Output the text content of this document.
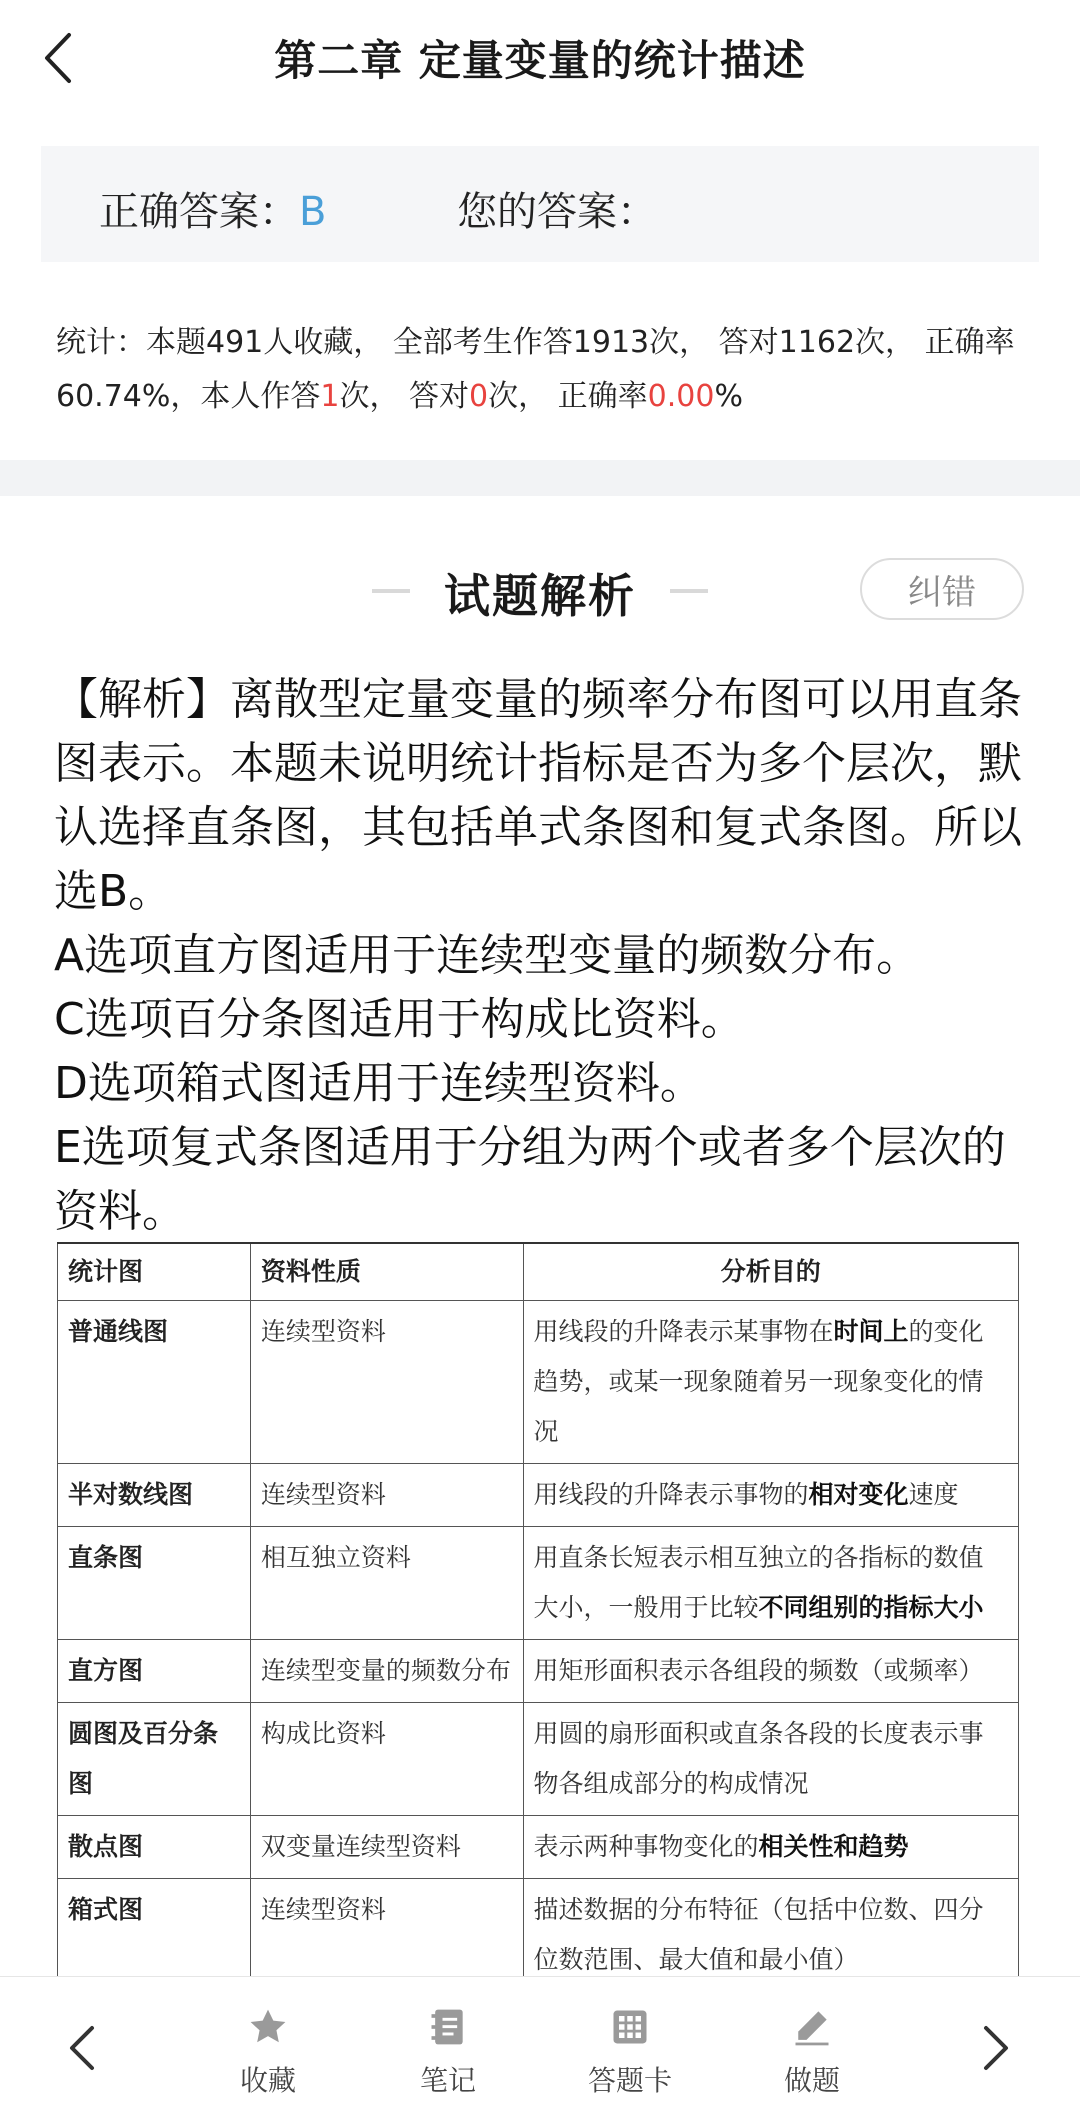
第二章 定量变量的统计描述
正确答案：B	您的答案：
统计：本题491人收藏， 全部考生作答1913次， 答对1162次， 正确率60.74%，本人作答1次， 答对0次， 正确率0.00%
试题解析	纠错

【解析】离散型定量变量的频率分布图可以用直条图表示。本题未说明统计指标是否为多个层次，默认选择直条图，其包括单式条图和复式条图。所以选B。

A选项直方图适用于连续型变量的频数分布。

C选项百分条图适用于构成比资料。

D选项箱式图适用于连续型资料。

E选项复式条图适用于分组为两个或者多个层次的资料。

统计图	资料性质	分析目的
普通线图	连续型资料	用线段的升降表示某事物在时间上的变化趋势，或某一现象随着另一现象变化的情况
半对数线图	连续型资料	用线段的升降表示事物的相对变化速度
直条图	相互独立资料	用直条长短表示相互独立的各指标的数值大小，一般用于比较不同组别的指标大小
直方图	连续型变量的频数分布	用矩形面积表示各组段的频数（或频率）
圆图及百分条图	构成比资料	用圆的扇形面积或直条各段的长度表示事物各组成部分的构成情况
散点图	双变量连续型资料	表示两种事物变化的相关性和趋势
箱式图	连续型资料	描述数据的分布特征（包括中位数、四分位数范围、最大值和最小值）
收藏	笔记	答题卡	做题
